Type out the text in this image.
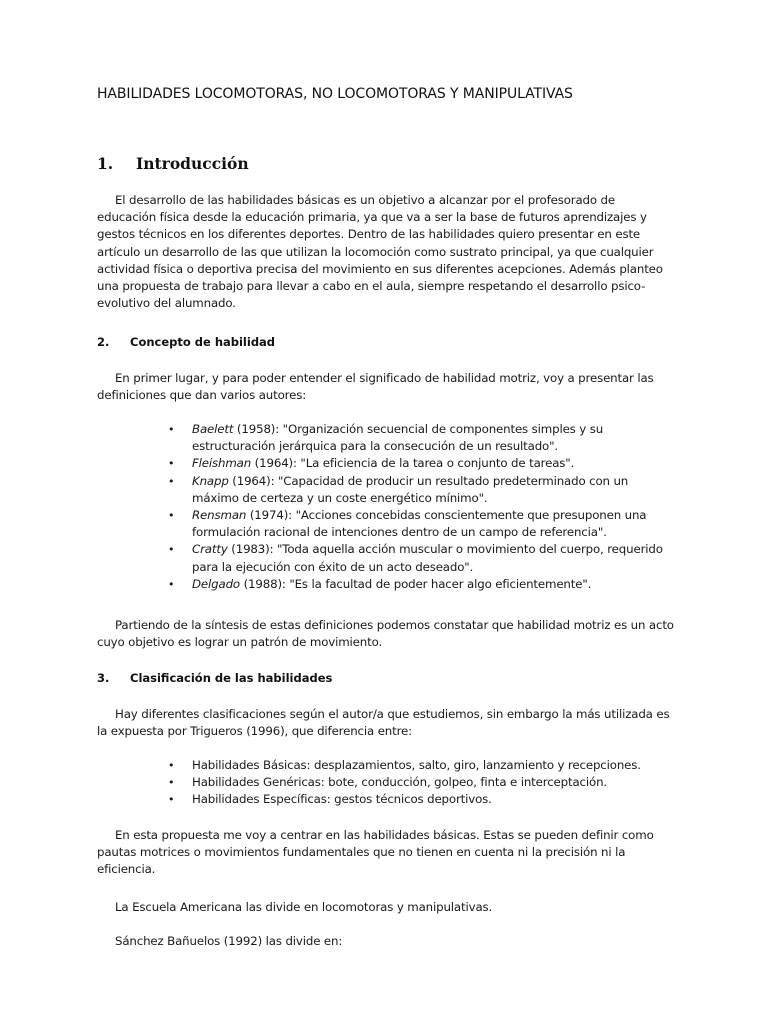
HABILIDADES LOCOMOTORAS, NO LOCOMOTORAS Y MANIPULATIVAS
1. Introducción
El desarrollo de las habilidades básicas es un objetivo a alcanzar por el profesorado de educación física desde la educación primaria, ya que va a ser la base de futuros aprendizajes y gestos técnicos en los diferentes deportes. Dentro de las habilidades quiero presentar en este artículo un desarrollo de las que utilizan la locomoción como sustrato principal, ya que cualquier actividad física o deportiva precisa del movimiento en sus diferentes acepciones. Además planteo una propuesta de trabajo para llevar a cabo en el aula, siempre respetando el desarrollo psico-evolutivo del alumnado.
2. Concepto de habilidad
En primer lugar, y para poder entender el significado de habilidad motriz, voy a presentar las definiciones que dan varios autores:
• Baelett (1958): "Organización secuencial de componentes simples y su estructuración jerárquica para la consecución de un resultado".
• Fleishman (1964): "La eficiencia de la tarea o conjunto de tareas".
• Knapp (1964): "Capacidad de producir un resultado predeterminado con un máximo de certeza y un coste energético mínimo".
• Rensman (1974): "Acciones concebidas conscientemente que presuponen una formulación racional de intenciones dentro de un campo de referencia".
• Cratty (1983): "Toda aquella acción muscular o movimiento del cuerpo, requerido para la ejecución con éxito de un acto deseado".
• Delgado (1988): "Es la facultad de poder hacer algo eficientemente".
Partiendo de la síntesis de estas definiciones podemos constatar que habilidad motriz es un acto cuyo objetivo es lograr un patrón de movimiento.
3. Clasificación de las habilidades
Hay diferentes clasificaciones según el autor/a que estudiemos, sin embargo la más utilizada es la expuesta por Trigueros (1996), que diferencia entre:
• Habilidades Básicas: desplazamientos, salto, giro, lanzamiento y recepciones.
• Habilidades Genéricas: bote, conducción, golpeo, finta e interceptación.
• Habilidades Específicas: gestos técnicos deportivos.
En esta propuesta me voy a centrar en las habilidades básicas. Estas se pueden definir como pautas motrices o movimientos fundamentales que no tienen en cuenta ni la precisión ni la eficiencia.
La Escuela Americana las divide en locomotoras y manipulativas.
Sánchez Bañuelos (1992) las divide en:
